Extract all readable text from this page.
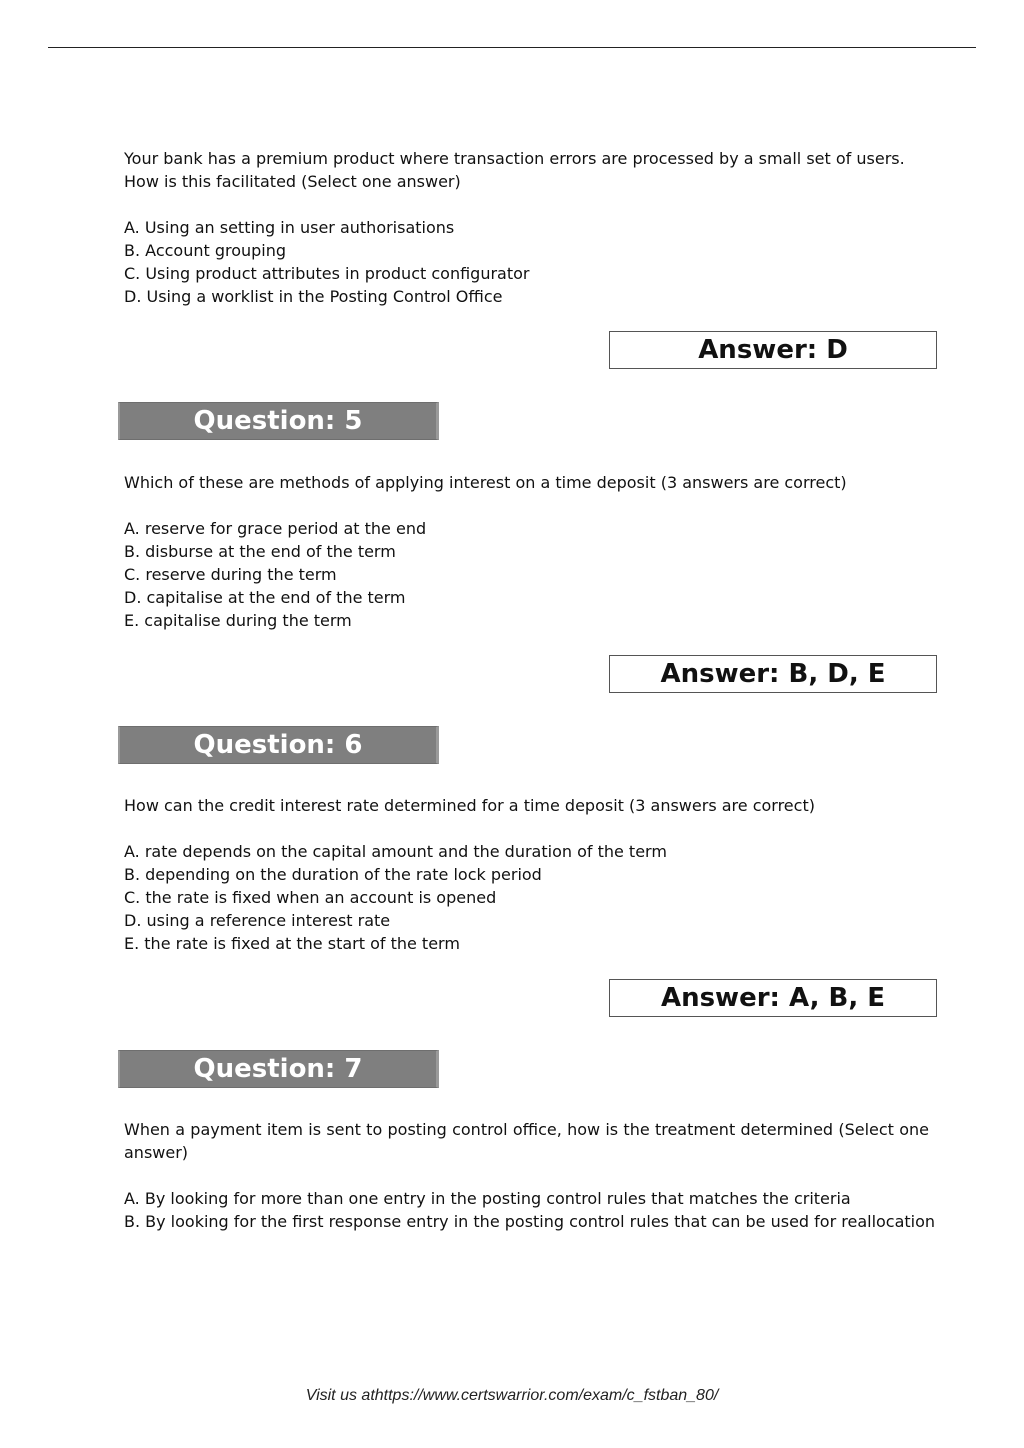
Your bank has a premium product where transaction errors are processed by a small set of users. How is this facilitated (Select one answer)

A. Using an setting in user authorisations

B. Account grouping

C. Using product attributes in product configurator

D. Using a worklist in the Posting Control Office

Answer: D
Question: 5

Which of these are methods of applying interest on a time deposit (3 answers are correct)

A. reserve for grace period at the end

B. disburse at the end of the term

C. reserve during the term

D. capitalise at the end of the term

E. capitalise during the term

Answer: B, D, E
Question: 6

How can the credit interest rate determined for a time deposit (3 answers are correct)

A. rate depends on the capital amount and the duration of the term

B. depending on the duration of the rate lock period

C. the rate is fixed when an account is opened

D. using a reference interest rate

E. the rate is fixed at the start of the term

Answer: A, B, E
Question: 7

When a payment item is sent to posting control office, how is the treatment determined (Select one answer)

A. By looking for more than one entry in the posting control rules that matches the criteria

B. By looking for the first response entry in the posting control rules that can be used for reallocation

Visit us athttps://www.certswarrior.com/exam/c_fstban_80/
